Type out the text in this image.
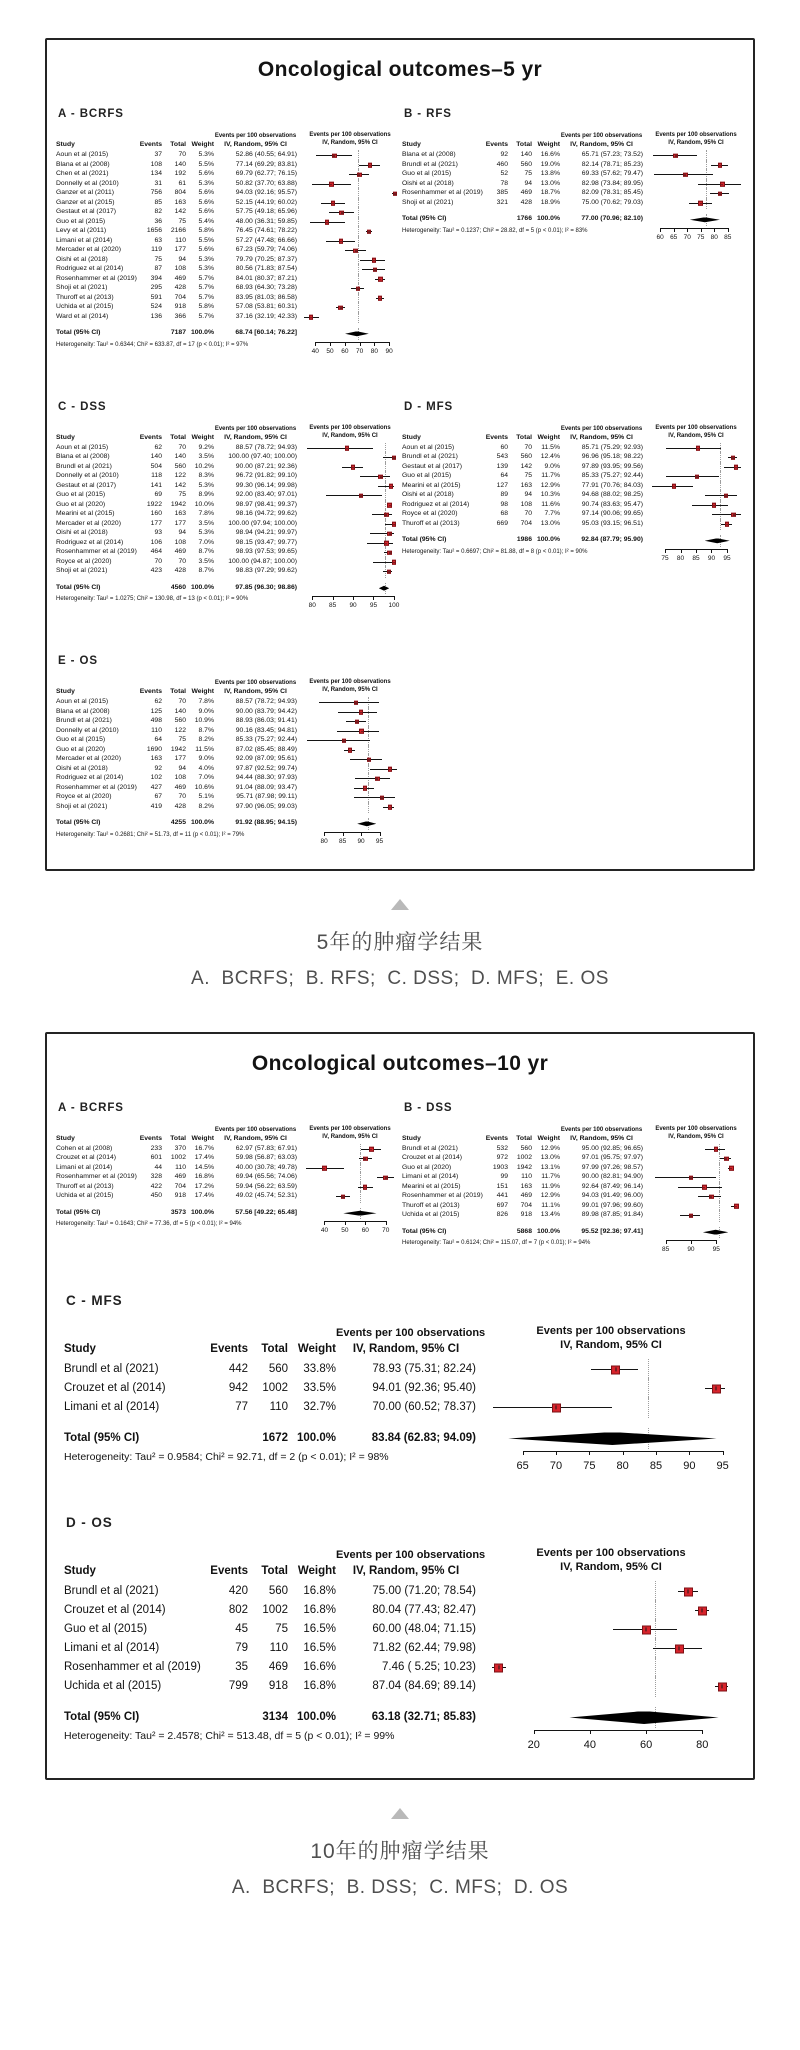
Oncological outcomes–5 yr
A - BCRFS
Events per 100 observations	Events per 100 observations
Study	Events	Total Weight	IV, Random, 95% CI	IV, Random, 95% CI
Aoun et al (2015)	37	70	5.3%	52.86 (40.55; 64.91)
Blana et al (2008)	108	140	5.5%	77.14 (69.29; 83.81)
Chen et al (2021)	134	192	5.6%	69.79 (62.77; 76.15)
Donnelly et al (2010)	31	61	5.3%	50.82 (37.70; 63.88)
Ganzer et al (2011)	756	804	5.6%	94.03 (92.16; 95.57)
Ganzer et al (2015)	85	163	5.6%	52.15 (44.19; 60.02)
Gestaut et al (2017)	82	142	5.6%	57.75 (49.18; 65.96)
Guo et al (2015)	36	75	5.4%	48.00 (36.31; 59.85)
Levy et al (2011)	1656	2166	5.8%	76.45 (74.61; 78.22)
Limani et al (2014)	63	110	5.5%	57.27 (47.48; 66.66)
Mercader et al (2020)	119	177	5.6%	67.23 (59.79; 74.06)
Oishi et al (2018)	75	94	5.3%	79.79 (70.25; 87.37)
Rodriguez et al (2014)	87	108	5.3%	80.56 (71.83; 87.54)
Rosenhammer et al (2019)	394	469	5.7%	84.01 (80.37; 87.21)
Shoji et al (2021)	295	428	5.7%	68.93 (64.30; 73.28)
Thuroff et al (2013)	591	704	5.7%	83.95 (81.03; 86.58)
Uchida et al (2015)	524	918	5.8%	57.08 (53.81; 60.31)
Ward et al (2014)	136	366	5.7%	37.16 (32.19; 42.33)
Total (95% CI)	7187 100.0%	68.74 [60.14; 76.22]
Heterogeneity: Tau² = 0.6344; Chi² = 633.87, df = 17 (p < 0.01); I² = 97%
40 50 60 70 80 90
B - RFS
Events per 100 observations	Events per 100 observations
Study	Events	Total Weight	IV, Random, 95% CI	IV, Random, 95% CI
Blana et al (2008)	92	140	16.6%	65.71 (57.23; 73.52)
Brundl et al (2021)	460	560	19.0%	82.14 (78.71; 85.23)
Guo et al (2015)	52	75	13.8%	69.33 (57.62; 79.47)
Oishi et al (2018)	78	94	13.0%	82.98 (73.84; 89.95)
Rosenhammer et al (2019)	385	469	18.7%	82.09 (78.31; 85.45)
Shoji et al (2021)	321	428	18.9%	75.00 (70.62; 79.03)
Total (95% CI)	1766 100.0%	77.00 (70.96; 82.10)
Heterogeneity: Tau² = 0.1237; Chi² = 28.82, df = 5 (p < 0.01); I² = 83%
60 65 70 75 80 85
C - DSS
Events per 100 observations	Events per 100 observations
Study	Events	Total Weight	IV, Random, 95% CI	IV, Random, 95% CI
Aoun et al (2015)	62	70	9.2%	88.57 (78.72; 94.93)
Blana et al (2008)	140	140	3.5%	100.00 (97.40; 100.00)
Brundl et al (2021)	504	560	10.2%	90.00 (87.21; 92.36)
Donnelly et al (2010)	118	122	8.3%	96.72 (91.82; 99.10)
Gestaut et al (2017)	141	142	5.3%	99.30 (96.14; 99.98)
Guo et al (2015)	69	75	8.9%	92.00 (83.40; 97.01)
Guo et al (2020)	1922	1942	10.0%	98.97 (98.41; 99.37)
Mearini et al (2015)	160	163	7.8%	98.16 (94.72; 99.62)
Mercader et al (2020)	177	177	3.5%	100.00 (97.94; 100.00)
Oishi et al (2018)	93	94	5.3%	98.94 (94.21; 99.97)
Rodriguez et al (2014)	106	108	7.0%	98.15 (93.47; 99.77)
Rosenhammer et al (2019)	464	469	8.7%	98.93 (97.53; 99.65)
Royce et al (2020)	70	70	3.5%	100.00 (94.87; 100.00)
Shoji et al (2021)	423	428	8.7%	98.83 (97.29; 99.62)
Total (95% CI)	4560 100.0%	97.85 (96.30; 98.86)
Heterogeneity: Tau² = 1.0275; Chi² = 130.98, df = 13 (p < 0.01); I² = 90%
80 85 90 95 100
D - MFS
Events per 100 observations	Events per 100 observations
Study	Events	Total Weight	IV, Random, 95% CI	IV, Random, 95% CI
Aoun et al (2015)	60	70	11.5%	85.71 (75.29; 92.93)
Brundl et al (2021)	543	560	12.4%	96.96 (95.18; 98.22)
Gestaut et al (2017)	139	142	9.0%	97.89 (93.95; 99.56)
Guo et al (2015)	64	75	11.7%	85.33 (75.27; 92.44)
Mearini et al (2015)	127	163	12.9%	77.91 (70.76; 84.03)
Oishi et al (2018)	89	94	10.3%	94.68 (88.02; 98.25)
Rodriguez et al (2014)	98	108	11.6%	90.74 (83.63; 95.47)
Royce et al (2020)	68	70	7.7%	97.14 (90.06; 99.65)
Thuroff et al (2013)	669	704	13.0%	95.03 (93.15; 96.51)
Total (95% CI)	1986 100.0%	92.84 (87.79; 95.90)
Heterogeneity: Tau² = 0.6697; Chi² = 81.88, df = 8 (p < 0.01); I² = 90%
75 80 85 90 95
E - OS
Events per 100 observations	Events per 100 observations
Study	Events	Total Weight	IV, Random, 95% CI	IV, Random, 95% CI
Aoun et al (2015)	62	70	7.8%	88.57 (78.72; 94.93)
Blana et al (2008)	125	140	9.0%	90.00 (83.79; 94.42)
Brundl et al (2021)	498	560	10.9%	88.93 (86.03; 91.41)
Donnelly et al (2010)	110	122	8.7%	90.16 (83.45; 94.81)
Guo et al (2015)	64	75	8.2%	85.33 (75.27; 92.44)
Guo et al (2020)	1690	1942	11.5%	87.02 (85.45; 88.49)
Mercader et al (2020)	163	177	9.0%	92.09 (87.09; 95.61)
Oishi et al (2018)	92	94	4.0%	97.87 (92.52; 99.74)
Rodriguez et al (2014)	102	108	7.0%	94.44 (88.30; 97.93)
Rosenhammer et al (2019)	427	469	10.6%	91.04 (88.09; 93.47)
Royce et al (2020)	67	70	5.1%	95.71 (87.98; 99.11)
Shoji et al (2021)	419	428	8.2%	97.90 (96.05; 99.03)
Total (95% CI)	4255 100.0%	91.92 (88.95; 94.15)
Heterogeneity: Tau² = 0.2681; Chi² = 51.73, df = 11 (p < 0.01); I² = 79%
80 85 90 95
5年的肿瘤学结果
A.  BCRFS;  B. RFS;  C. DSS;  D. MFS;  E. OS
Oncological outcomes–10 yr
A - BCRFS
Events per 100 observations	Events per 100 observations
Study	Events	Total Weight	IV, Random, 95% CI	IV, Random, 95% CI
Cohen et al (2008)	233	370	16.7%	62.97 (57.83; 67.91)
Crouzet et al (2014)	601	1002	17.4%	59.98 (56.87; 63.03)
Limani et al (2014)	44	110	14.5%	40.00 (30.78; 49.78)
Rosenhammer et al (2019)	328	469	16.8%	69.94 (65.56; 74.06)
Thuroff et al (2013)	422	704	17.2%	59.94 (56.22; 63.59)
Uchida et al (2015)	450	918	17.4%	49.02 (45.74; 52.31)
Total (95% CI)	3573 100.0%	57.56 [49.22; 65.48]
Heterogeneity: Tau² = 0.1643; Chi² = 77.36, df = 5 (p < 0.01); I² = 94%
40 50 60 70
B - DSS
Events per 100 observations	Events per 100 observations
Study	Events	Total Weight	IV, Random, 95% CI	IV, Random, 95% CI
Brundl et al (2021)	532	560	12.9%	95.00 (92.85; 96.65)
Crouzet et al (2014)	972	1002	13.0%	97.01 (95.75; 97.97)
Guo et al (2020)	1903	1942	13.1%	97.99 (97.26; 98.57)
Limani et al (2014)	99	110	11.7%	90.00 (82.81; 94.90)
Mearini et al (2015)	151	163	11.9%	92.64 (87.49; 96.14)
Rosenhammer et al (2019)	441	469	12.9%	94.03 (91.49; 96.00)
Thuroff et al (2013)	697	704	11.1%	99.01 (97.96; 99.60)
Uchida et al (2015)	826	918	13.4%	89.98 (87.85; 91.84)
Total (95% CI)	5868 100.0%	95.52 [92.36; 97.41]
Heterogeneity: Tau² = 0.6124; Chi² = 115.07, df = 7 (p < 0.01); I² = 94%
85	90	95
C - MFS
Events per 100 observations	Events per 100 observations
Study	Events	Total Weight	IV, Random, 95% CI	IV, Random, 95% CI
Brundl et al (2021)	442	560	33.8%	78.93 (75.31; 82.24)
Crouzet et al (2014)	942	1002	33.5%	94.01 (92.36; 95.40)
Limani et al (2014)	77	110	32.7%	70.00 (60.52; 78.37)
Total (95% CI)	1672 100.0%	83.84 (62.83; 94.09)
Heterogeneity: Tau² = 0.9584; Chi² = 92.71, df = 2 (p < 0.01); I² = 98%
65 70 75 80 85 90 95
D - OS
Events per 100 observations	Events per 100 observations
Study	Events	Total Weight	IV, Random, 95% CI	IV, Random, 95% CI
Brundl et al (2021)	420	560	16.8%	75.00 (71.20; 78.54)
Crouzet et al (2014)	802	1002	16.8%	80.04 (77.43; 82.47)
Guo et al (2015)	45	75	16.5%	60.00 (48.04; 71.15)
Limani et al (2014)	79	110	16.5%	71.82 (62.44; 79.98)
Rosenhammer et al (2019)	35	469	16.6%	7.46 ( 5.25; 10.23)
Uchida et al (2015)	799	918	16.8%	87.04 (84.69; 89.14)
Total (95% CI)	3134 100.0%	63.18 (32.71; 85.83)
Heterogeneity: Tau² = 2.4578; Chi² = 513.48, df = 5 (p < 0.01); I² = 99%
20	40	60	80
10年的肿瘤学结果
A.  BCRFS;  B. DSS;  C. MFS;  D. OS
